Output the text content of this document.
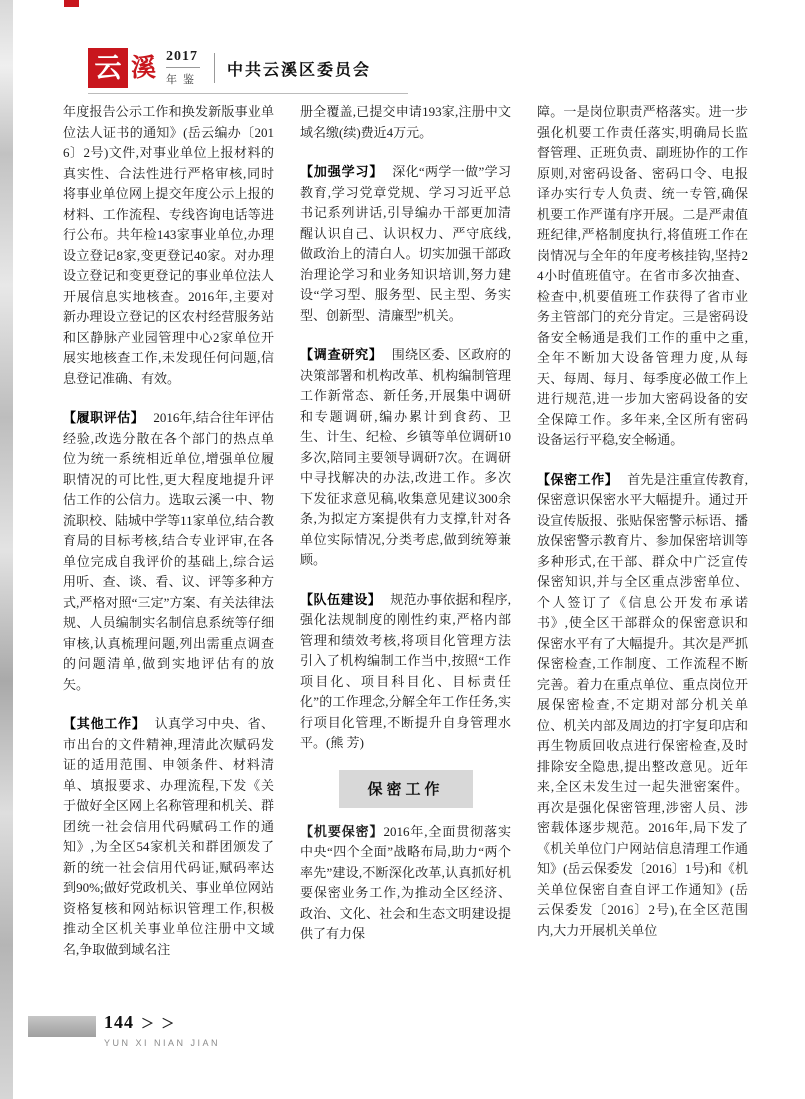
云 溪 2017
年鉴
中共云溪区委员会

年度报告公示工作和换发新版事业单位法人证书的通知》(岳云编办〔2016〕2号)文件,对事业单位上报材料的真实性、合法性进行严格审核,同时将事业单位网上提交年度公示上报的材料、工作流程、专线咨询电话等进行公布。共年检143家事业单位,办理设立登记8家,变更登记40家。对办理设立登记和变更登记的事业单位法人开展信息实地核查。2016年,主要对新办理设立登记的区农村经营服务站和区静脉产业园管理中心2家单位开展实地核查工作,未发现任何问题,信息登记准确、有效。

【履职评估】 2016年,结合往年评估经验,改选分散在各个部门的热点单位为统一系统相近单位,增强单位履职情况的可比性,更大程度地提升评估工作的公信力。选取云溪一中、物流职校、陆城中学等11家单位,结合教育局的目标考核,结合专业评审,在各单位完成自我评价的基础上,综合运用听、查、谈、看、议、评等多种方式,严格对照“三定”方案、有关法律法规、人员编制实名制信息系统等仔细审核,认真梳理问题,列出需重点调查的问题清单,做到实地评估有的放矢。

【其他工作】 认真学习中央、省、市出台的文件精神,理清此次赋码发证的适用范围、申领条件、材料清单、填报要求、办理流程,下发《关于做好全区网上名称管理和机关、群团统一社会信用代码赋码工作的通知》,为全区54家机关和群团颁发了新的统一社会信用代码证,赋码率达到90%;做好党政机关、事业单位网站资格复核和网站标识管理工作,积极推动全区机关事业单位注册中文域名,争取做到域名注

册全覆盖,已提交申请193家,注册中文域名缴(续)费近4万元。

【加强学习】 深化“两学一做”学习教育,学习党章党规、学习习近平总书记系列讲话,引导编办干部更加清醒认识自己、认识权力、严守底线,做政治上的清白人。切实加强干部政治理论学习和业务知识培训,努力建设“学习型、服务型、民主型、务实型、创新型、清廉型”机关。

【调查研究】 围绕区委、区政府的决策部署和机构改革、机构编制管理工作新常态、新任务,开展集中调研和专题调研,编办累计到食药、卫生、计生、纪检、乡镇等单位调研10多次,陪同主要领导调研7次。在调研中寻找解决的办法,改进工作。多次下发征求意见稿,收集意见建议300余条,为拟定方案提供有力支撑,针对各单位实际情况,分类考虑,做到统筹兼顾。

【队伍建设】 规范办事依据和程序,强化法规制度的刚性约束,严格内部管理和绩效考核,将项目化管理方法引入了机构编制工作当中,按照“工作项目化、项目科目化、目标责任化”的工作理念,分解全年工作任务,实行项目化管理,不断提升自身管理水平。(熊 芳)

保密工作

【机要保密】2016年,全面贯彻落实中央“四个全面”战略布局,助力“两个率先”建设,不断深化改革,认真抓好机要保密业务工作,为推动全区经济、政治、文化、社会和生态文明建设提供了有力保

障。一是岗位职责严格落实。进一步强化机要工作责任落实,明确局长监督管理、正班负责、副班协作的工作原则,对密码设备、密码口令、电报译办实行专人负责、统一专管,确保机要工作严谨有序开展。二是严肃值班纪律,严格制度执行,将值班工作在岗情况与全年的年度考核挂钩,坚持24小时值班值守。在省市多次抽查、检查中,机要值班工作获得了省市业务主管部门的充分肯定。三是密码设备安全畅通是我们工作的重中之重,全年不断加大设备管理力度,从每天、每周、每月、每季度必做工作上进行规范,进一步加大密码设备的安全保障工作。多年来,全区所有密码设备运行平稳,安全畅通。

【保密工作】 首先是注重宣传教育,保密意识保密水平大幅提升。通过开设宣传版报、张贴保密警示标语、播放保密警示教育片、参加保密培训等多种形式,在干部、群众中广泛宣传保密知识,并与全区重点涉密单位、个人签订了《信息公开发布承诺书》,使全区干部群众的保密意识和保密水平有了大幅提升。其次是严抓保密检查,工作制度、工作流程不断完善。着力在重点单位、重点岗位开展保密检查,不定期对部分机关单位、机关内部及周边的打字复印店和再生物质回收点进行保密检查,及时排除安全隐患,提出整改意见。近年来,全区未发生过一起失泄密案件。再次是强化保密管理,涉密人员、涉密载体逐步规范。2016年,局下发了《机关单位门户网站信息清理工作通知》(岳云保委发〔2016〕1号)和《机关单位保密自查自评工作通知》(岳云保委发〔2016〕2号),在全区范围内,大力开展机关单位

144 ＞ ＞
YUN XI NIAN JIAN
